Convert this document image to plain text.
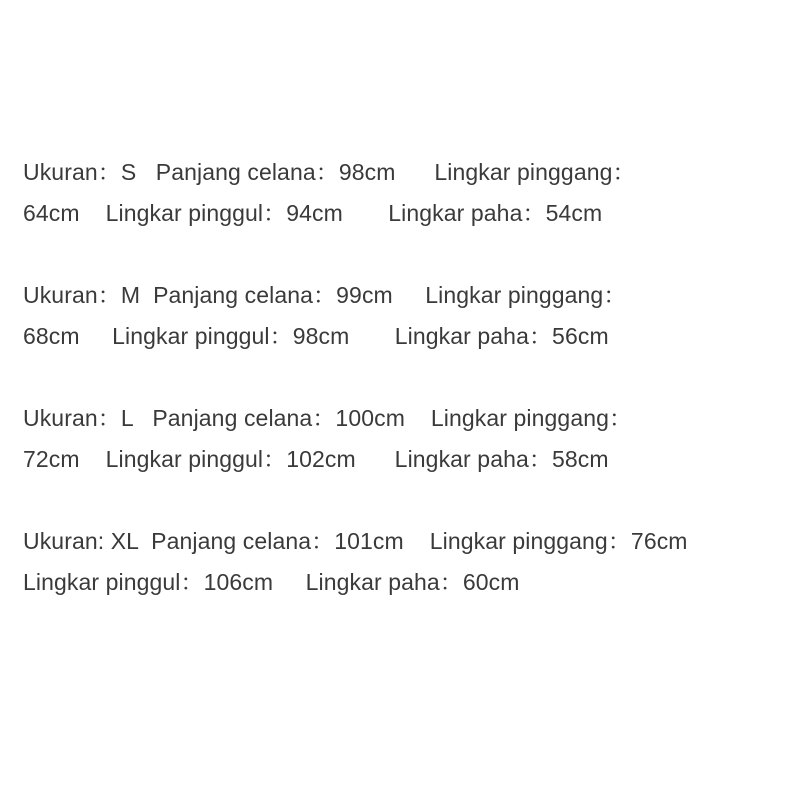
Ukuran：S   Panjang celana：98cm      Lingkar pinggang：
64cm    Lingkar pinggul：94cm       Lingkar paha：54cm
Ukuran：M  Panjang celana：99cm     Lingkar pinggang：
68cm     Lingkar pinggul：98cm       Lingkar paha：56cm
Ukuran：L   Panjang celana：100cm    Lingkar pinggang：
72cm    Lingkar pinggul：102cm      Lingkar paha：58cm
Ukuran: XL  Panjang celana：101cm    Lingkar pinggang：76cm
Lingkar pinggul：106cm     Lingkar paha：60cm
